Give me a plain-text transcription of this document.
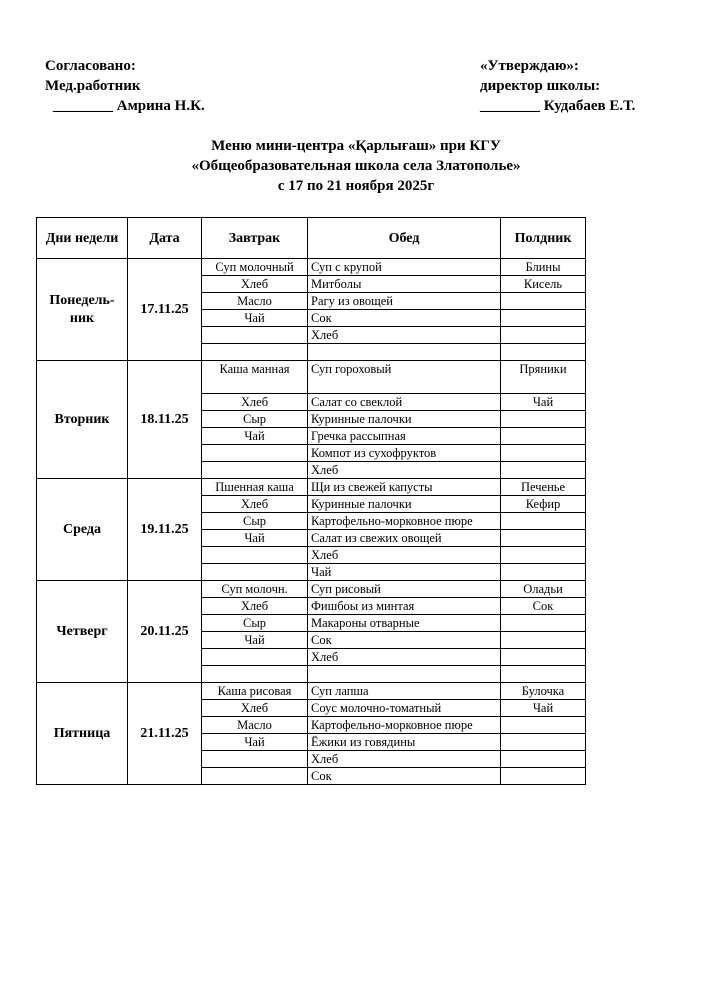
Согласовано:
Мед.работник
________ Амрина Н.К.
«Утверждаю»:
директор школы:
________ Кудабаев Е.Т.
Меню мини-центра «Қарлығаш» при КГУ
«Общеобразовательная школа села Златополье»
с 17 по 21 ноября 2025г
Дни недели	Дата	Завтрак	Обед	Полдник
Понедель-ник	17.11.25	Суп молочный	Суп с крупой	Блины
		Хлеб	Митболы	Кисель
		Масло	Рагу из овощей	
		Чай	Сок	
			Хлеб	

Вторник	18.11.25	Каша манная	Суп гороховый	Пряники
		Хлеб	Салат со свеклой	Чай
		Сыр	Куринные палочки	
		Чай	Гречка рассыпная	
			Компот из сухофруктов	
			Хлеб	
Среда	19.11.25	Пшенная каша	Щи из свежей капусты	Печенье
		Хлеб	Куринные палочки	Кефир
		Сыр	Картофельно-морковное пюре	
		Чай	Салат из свежих овощей	
			Хлеб	
			Чай	
Четверг	20.11.25	Суп молочн.	Суп рисовый	Оладьи
		Хлеб	Фишбоы из минтая	Сок
		Сыр	Макароны отварные	
		Чай	Сок	
			Хлеб	

Пятница	21.11.25	Каша рисовая	Суп лапша	Булочка
		Хлеб	Соус молочно-томатный	Чай
		Масло	Картофельно-морковное пюре	
		Чай	Ёжики из говядины	
			Хлеб	
			Сок	
